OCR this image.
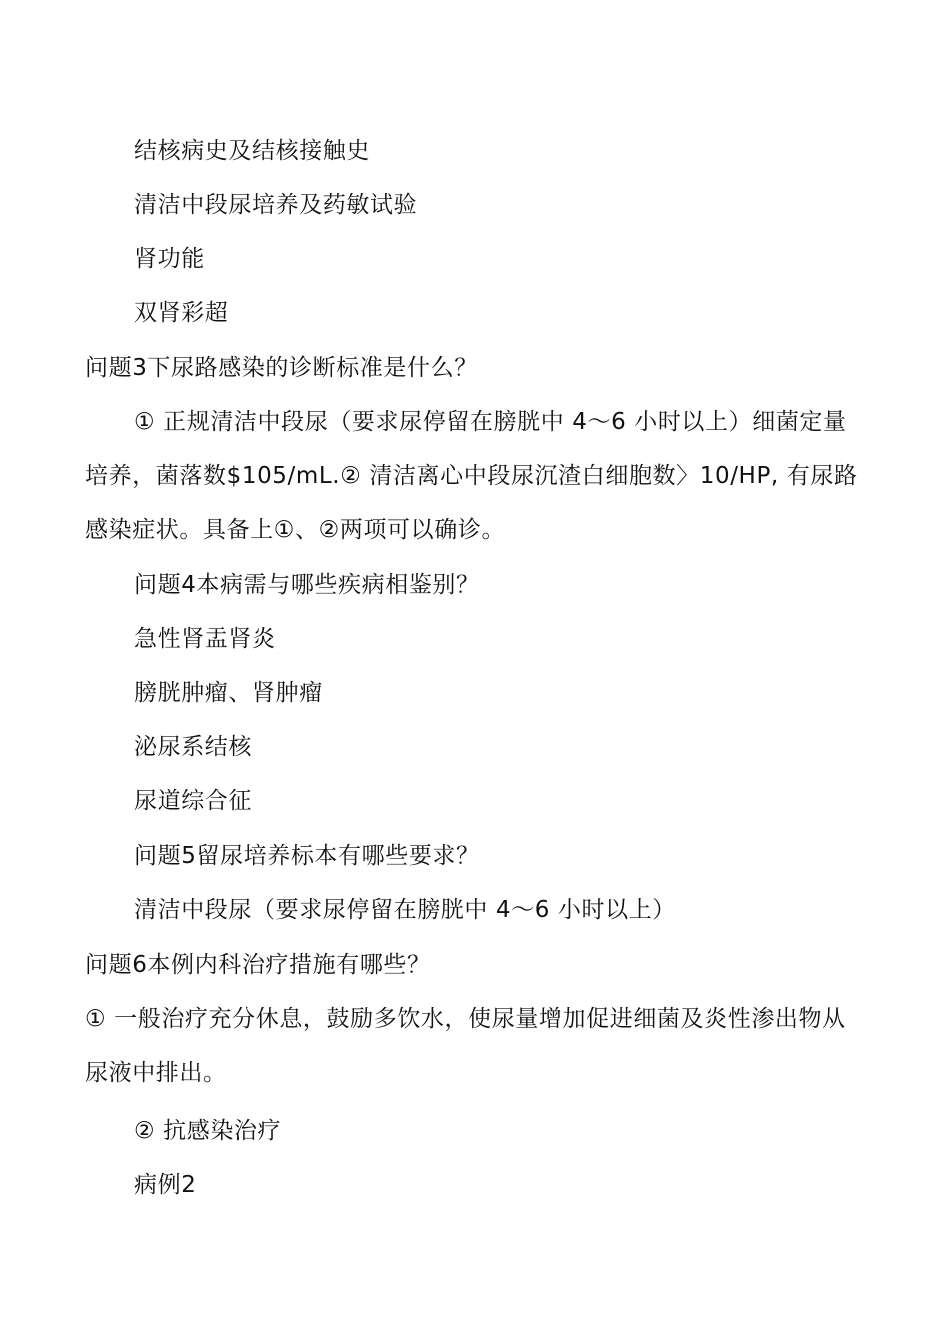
结核病史及结核接触史
清洁中段尿培养及药敏试验
肾功能
双肾彩超
问题3下尿路感染的诊断标准是什么？
① 正规清洁中段尿（要求尿停留在膀胱中 4〜6 小时以上）细菌定量
培养，菌落数$105/mL.② 清洁离心中段尿沉渣白细胞数〉10/HP, 有尿路
感染症状。具备上①、②两项可以确诊。
问题4本病需与哪些疾病相鉴别？
急性肾盂肾炎
膀胱肿瘤、肾肿瘤
泌尿系结核
尿道综合征
问题5留尿培养标本有哪些要求？
清洁中段尿（要求尿停留在膀胱中 4〜6 小时以上）
问题6本例内科治疗措施有哪些？
① 一般治疗充分休息，鼓励多饮水，使尿量增加促进细菌及炎性渗出物从
尿液中排出。
② 抗感染治疗
病例2
